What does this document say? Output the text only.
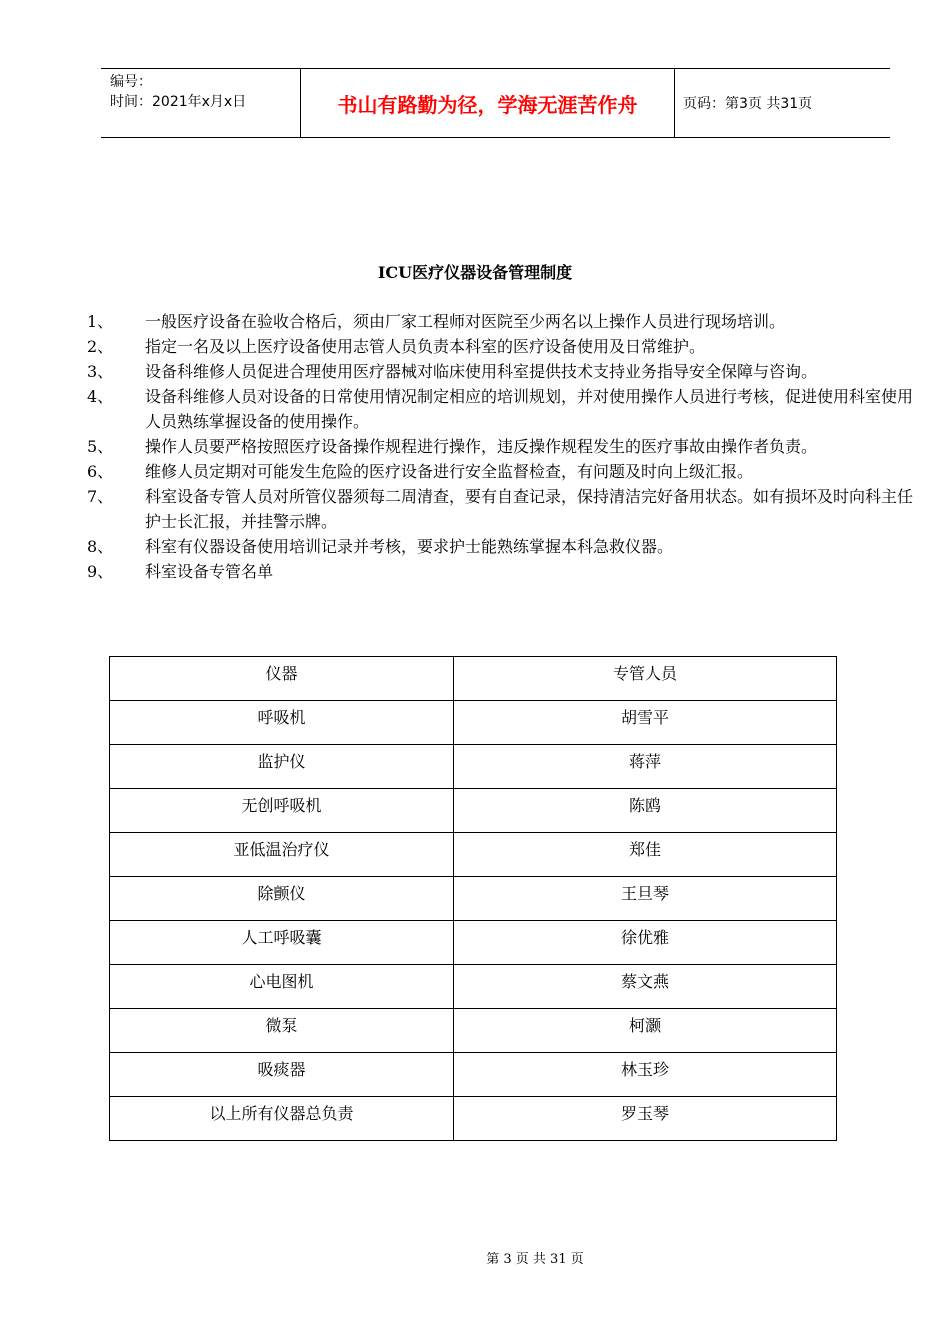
编号：
时间：2021年x月x日	书山有路勤为径，学海无涯苦作舟	页码：第3页 共31页
ICU医疗仪器设备管理制度
1、	一般医疗设备在验收合格后，须由厂家工程师对医院至少两名以上操作人员进行现场培训。
2、	指定一名及以上医疗设备使用志管人员负责本科室的医疗设备使用及日常维护。
3、	设备科维修人员促进合理使用医疗器械对临床使用科室提供技术支持业务指导安全保障与咨询。
4、	设备科维修人员对设备的日常使用情况制定相应的培训规划，并对使用操作人员进行考核，促进使用科室使用人员熟练掌握设备的使用操作。
5、	操作人员要严格按照医疗设备操作规程进行操作，违反操作规程发生的医疗事故由操作者负责。
6、	维修人员定期对可能发生危险的医疗设备进行安全监督检查，有问题及时向上级汇报。
7、	科室设备专管人员对所管仪器须每二周清查，要有自查记录，保持清洁完好备用状态。如有损坏及时向科主任护士长汇报，并挂警示牌。
8、	科室有仪器设备使用培训记录并考核，要求护士能熟练掌握本科急救仪器。
9、	科室设备专管名单
仪器	专管人员
呼吸机	胡雪平
监护仪	蒋萍
无创呼吸机	陈鸥
亚低温治疗仪	郑佳
除颤仪	王旦琴
人工呼吸囊	徐优雅
心电图机	蔡文燕
微泵	柯灏
吸痰器	林玉珍
以上所有仪器总负责	罗玉琴
第 3 页 共 31 页
